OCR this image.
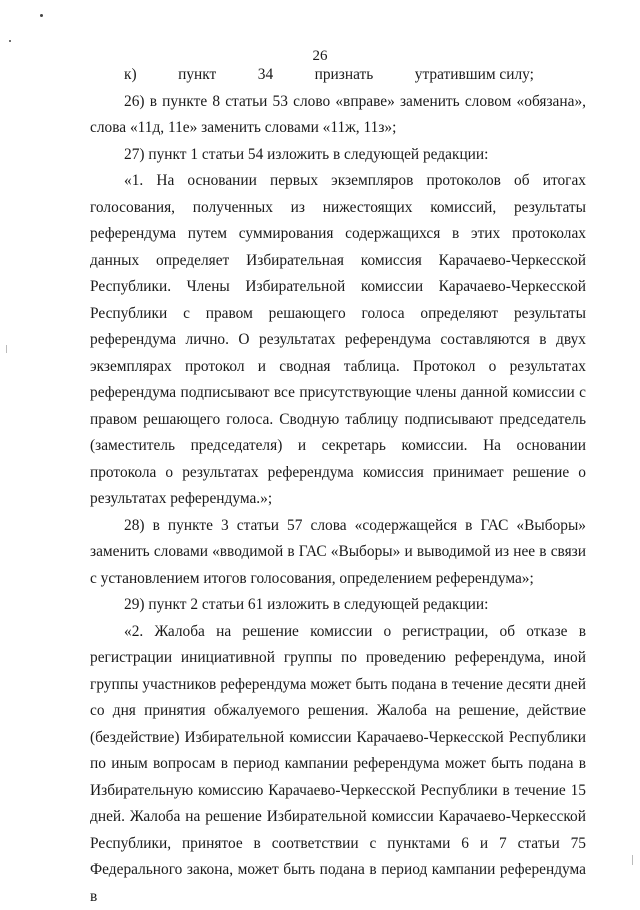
26

к)	пункт	34	признать	утратившим силу;

26) в пункте 8 статьи 53 слово «вправе» заменить словом «обязана», слова «11д, 11е» заменить словами «11ж, 11з»;

27) пункт 1 статьи 54 изложить в следующей редакции:

«1. На основании первых экземпляров протоколов об итогах голосования, полученных из нижестоящих комиссий, результаты референдума путем суммирования содержащихся в этих протоколах данных определяет Избирательная комиссия Карачаево-Черкесской Республики. Члены Избирательной комиссии Карачаево-Черкесской Республики с правом решающего голоса определяют результаты референдума лично. О результатах референдума составляются в двух экземплярах протокол и сводная таблица. Протокол о результатах референдума подписывают все присутствующие члены данной комиссии с правом решающего голоса. Сводную таблицу подписывают председатель (заместитель председателя) и секретарь комиссии. На основании протокола о результатах референдума комиссия принимает решение о результатах референдума.»;

28) в пункте 3 статьи 57 слова «содержащейся в ГАС «Выборы» заменить словами «вводимой в ГАС «Выборы» и выводимой из нее в связи с установлением итогов голосования, определением референдума»;

29) пункт 2 статьи 61 изложить в следующей редакции:

«2. Жалоба на решение комиссии о регистрации, об отказе в регистрации инициативной группы по проведению референдума, иной группы участников референдума может быть подана в течение десяти дней со дня принятия обжалуемого решения. Жалоба на решение, действие (бездействие) Избирательной комиссии Карачаево-Черкесской Республики по иным вопросам в период кампании референдума может быть подана в Избирательную комиссию Карачаево-Черкесской Республики в течение 15 дней. Жалоба на решение Избирательной комиссии Карачаево-Черкесской Республики, принятое в соответствии с пунктами 6 и 7 статьи 75 Федерального закона, может быть подана в период кампании референдума в
